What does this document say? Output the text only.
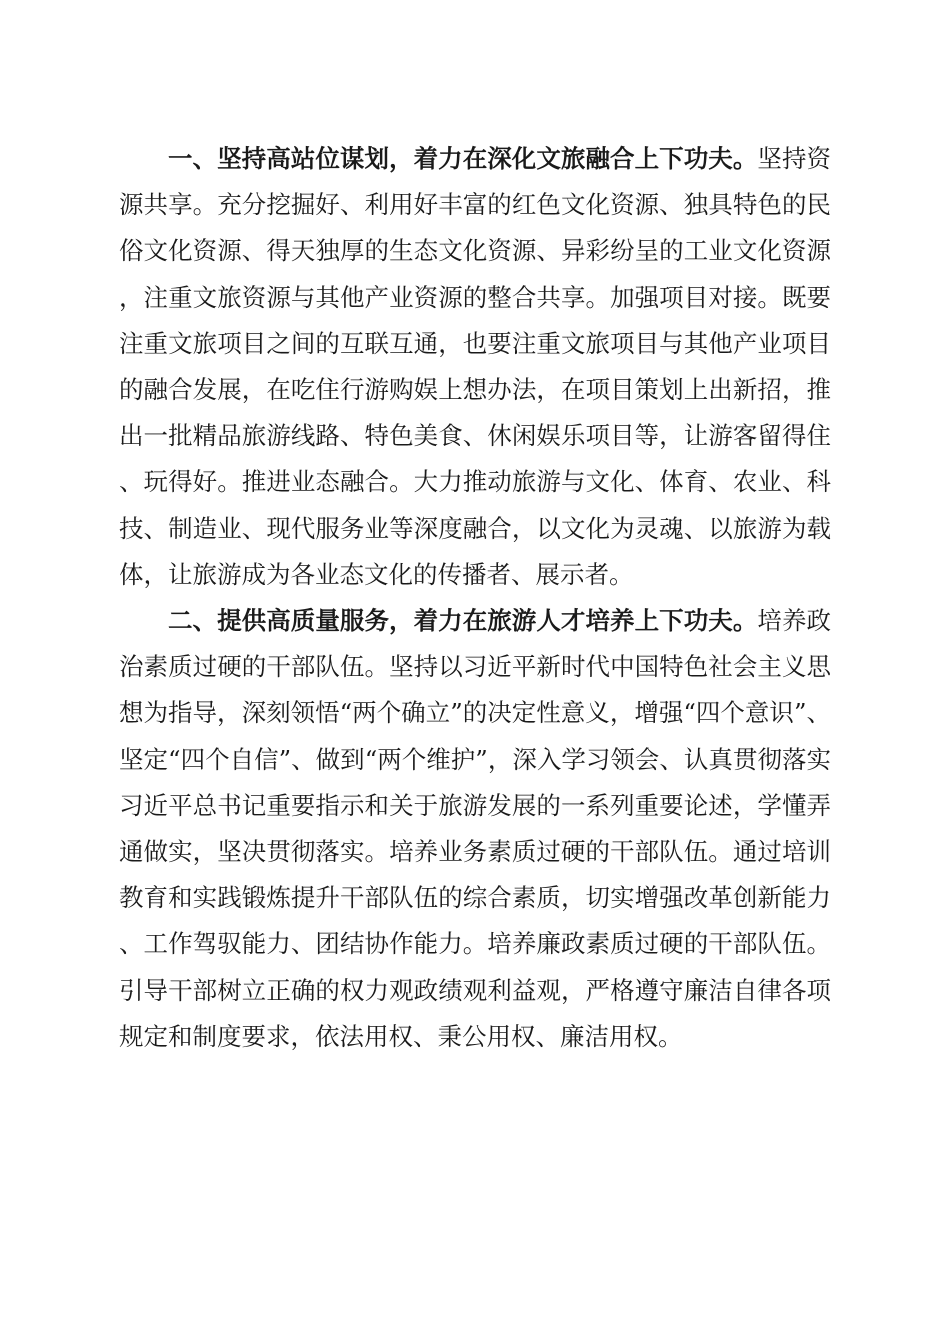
一、坚持高站位谋划，着力在深化文旅融合上下功夫。坚持资源共享。充分挖掘好、利用好丰富的红色文化资源、独具特色的民俗文化资源、得天独厚的生态文化资源、异彩纷呈的工业文化资源，注重文旅资源与其他产业资源的整合共享。加强项目对接。既要注重文旅项目之间的互联互通，也要注重文旅项目与其他产业项目的融合发展，在吃住行游购娱上想办法，在项目策划上出新招，推出一批精品旅游线路、特色美食、休闲娱乐项目等，让游客留得住、玩得好。推进业态融合。大力推动旅游与文化、体育、农业、科技、制造业、现代服务业等深度融合，以文化为灵魂、以旅游为载体，让旅游成为各业态文化的传播者、展示者。

二、提供高质量服务，着力在旅游人才培养上下功夫。培养政治素质过硬的干部队伍。坚持以习近平新时代中国特色社会主义思想为指导，深刻领悟“两个确立”的决定性意义，增强“四个意识”、坚定“四个自信”、做到“两个维护”，深入学习领会、认真贯彻落实习近平总书记重要指示和关于旅游发展的一系列重要论述，学懂弄通做实，坚决贯彻落实。培养业务素质过硬的干部队伍。通过培训教育和实践锻炼提升干部队伍的综合素质，切实增强改革创新能力、工作驾驭能力、团结协作能力。培养廉政素质过硬的干部队伍。引导干部树立正确的权力观政绩观利益观，严格遵守廉洁自律各项规定和制度要求，依法用权、秉公用权、廉洁用权。
